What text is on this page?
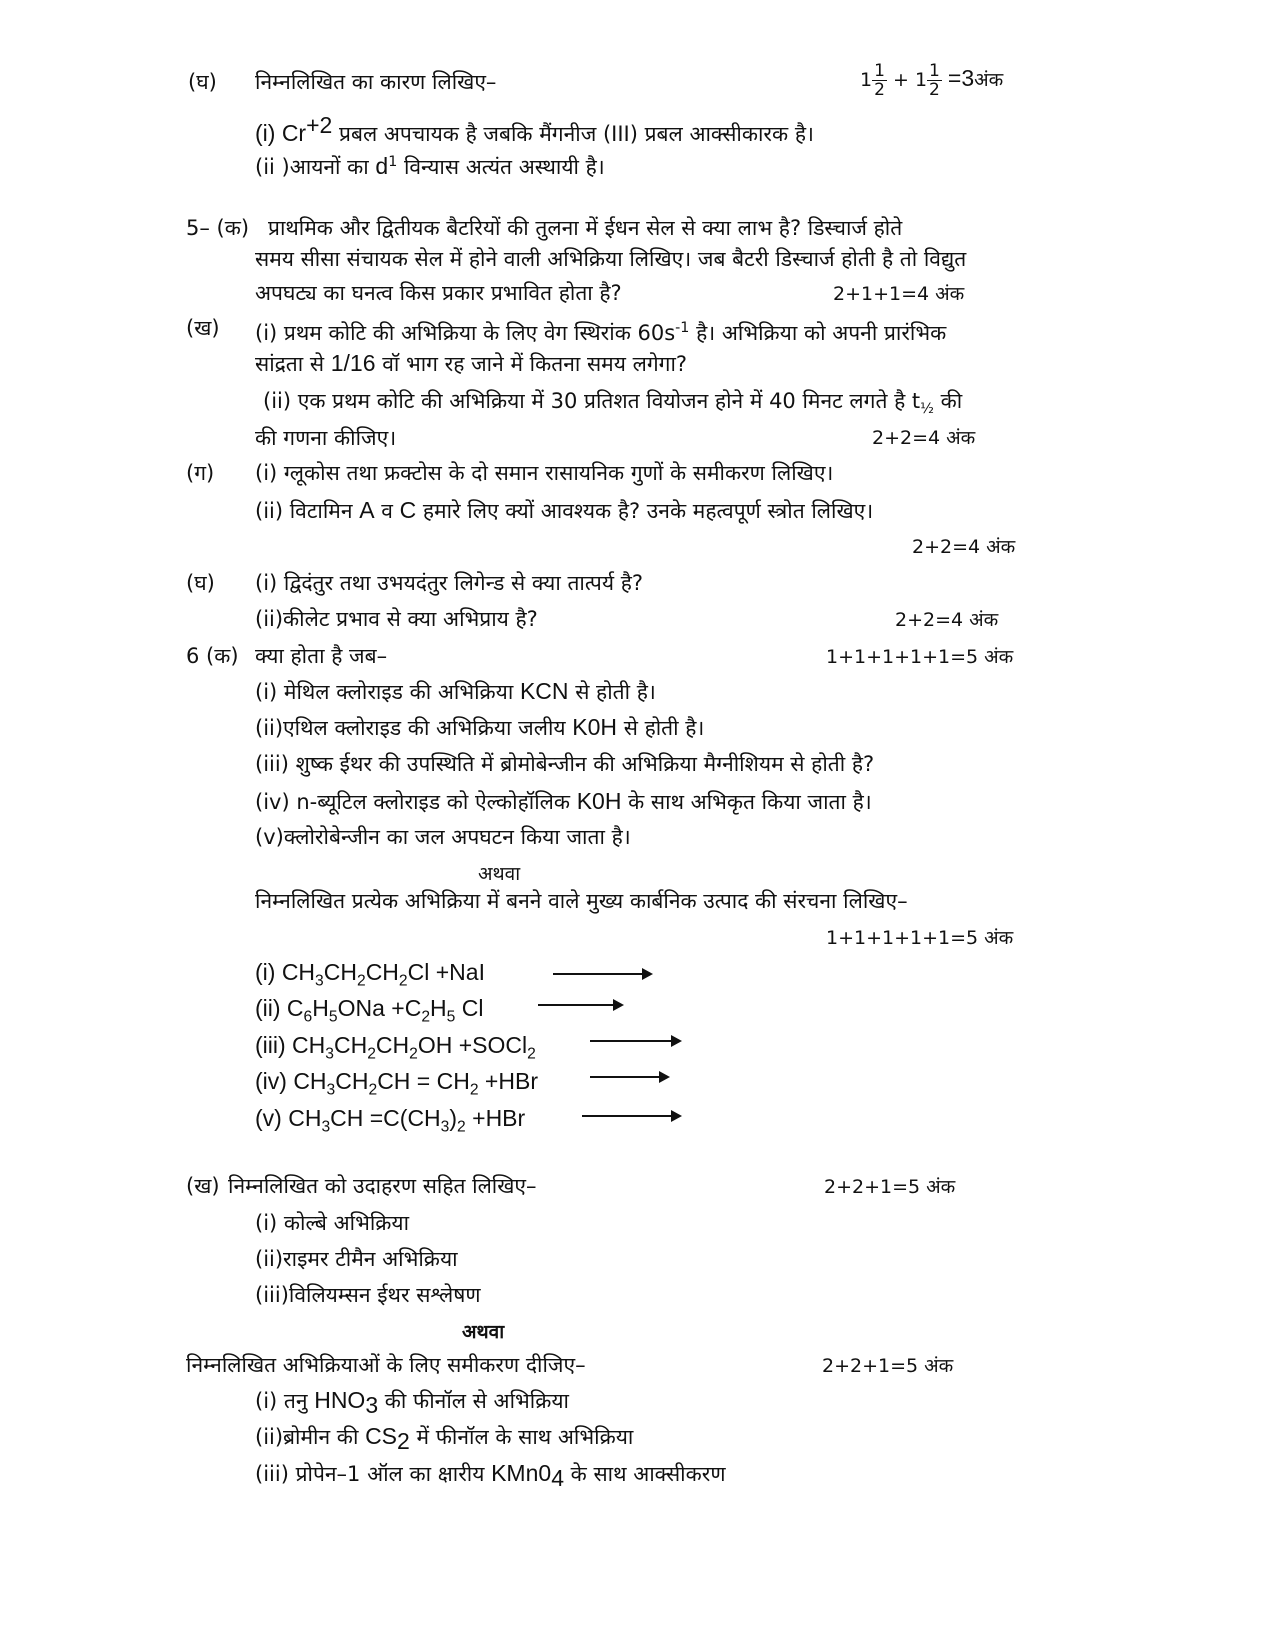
(घ) निम्नलिखित का कारण लिखिए–	$1 \frac{1}{2} + 1 \frac{1}{2}$ =3अंक
(i) $Cr^{+2}$ प्रबल अपचायक है जबकि मैंगनीज (III) प्रबल आक्सीकारक है।
(ii )आयनों का $d^1$ विन्यास अत्यंत अस्थायी है।
5– (क) प्राथमिक और द्वितीयक बैटरियों की तुलना में ईधन सेल से क्या लाभ है? डिस्चार्ज होते
समय सीसा संचायक सेल में होने वाली अभिक्रिया लिखिए। जब बैटरी डिस्चार्ज होती है तो विद्युत
अपघट्य का घनत्व किस प्रकार प्रभावित होता है?	2+1+1=4 अंक
(ख) (i) प्रथम कोटि की अभिक्रिया के लिए वेग स्थिरांक $60s^{-1}$ है। अभिक्रिया को अपनी प्रारंभिक
सांद्रता से 1/16 वॉ भाग रह जाने में कितना समय लगेगा?
(ii) एक प्रथम कोटि की अभिक्रिया में 30 प्रतिशत वियोजन होने में 40 मिनट लगते है $t_{\frac{1}{2}}$ की
की गणना कीजिए।	2+2=4 अंक
(ग) (i) ग्लूकोस तथा फ्रक्टोस के दो समान रासायनिक गुणों के समीकरण लिखिए।
(ii) विटामिन A व C हमारे लिए क्यों आवश्यक है? उनके महत्वपूर्ण स्त्रोत लिखिए।
2+2=4 अंक
(घ) (i) द्विदंतुर तथा उभयदंतुर लिगेन्ड से क्या तात्पर्य है?
(ii)कीलेट प्रभाव से क्या अभिप्राय है?	2+2=4 अंक
6 (क) क्या होता है जब–	1+1+1+1+1=5 अंक
(i) मेथिल क्लोराइड की अभिक्रिया KCN से होती है।
(ii)एथिल क्लोराइड की अभिक्रिया जलीय K0H से होती है।
(iii) शुष्क ईथर की उपस्थिति में ब्रोमोबेन्जीन की अभिक्रिया मैग्नीशियम से होती है?
(iv) n-ब्यूटिल क्लोराइड को ऐल्कोहॉलिक K0H के साथ अभिकृत किया जाता है।
(v)क्लोरोबेन्जीन का जल अपघटन किया जाता है।
अथवा
निम्नलिखित प्रत्येक अभिक्रिया में बनने वाले मुख्य कार्बनिक उत्पाद की संरचना लिखिए–
1+1+1+1+1=5 अंक
(i) $CH_3CH_2CH_2Cl +NaI$
(ii) $C_6H_5ONa +C_2H_5$ Cl
(iii) $CH_3CH_2CH_2OH$ +SOCl$_2$
(iv) $CH_3CH_2CH = CH_2 +HBr$
(v) $CH_3CH =C(CH_3)_2 +HBr$
(ख) निम्नलिखित को उदाहरण सहित लिखिए–	2+2+1=5 अंक
(i) कोल्बे अभिक्रिया
(ii)राइमर टीमैन अभिक्रिया
(iii)विलियम्सन ईथर सश्लेषण
अथवा
निम्नलिखित अभिक्रियाओं के लिए समीकरण दीजिए–	2+2+1=5 अंक
(i) तनु $HNO_3$ की फीनॉल से अभिक्रिया
(ii)ब्रोमीन की $CS_2$ में फीनॉल के साथ अभिक्रिया
(iii) प्रोपेन–1 ऑल का क्षारीय $KMn0_4$ के साथ आक्सीकरण
